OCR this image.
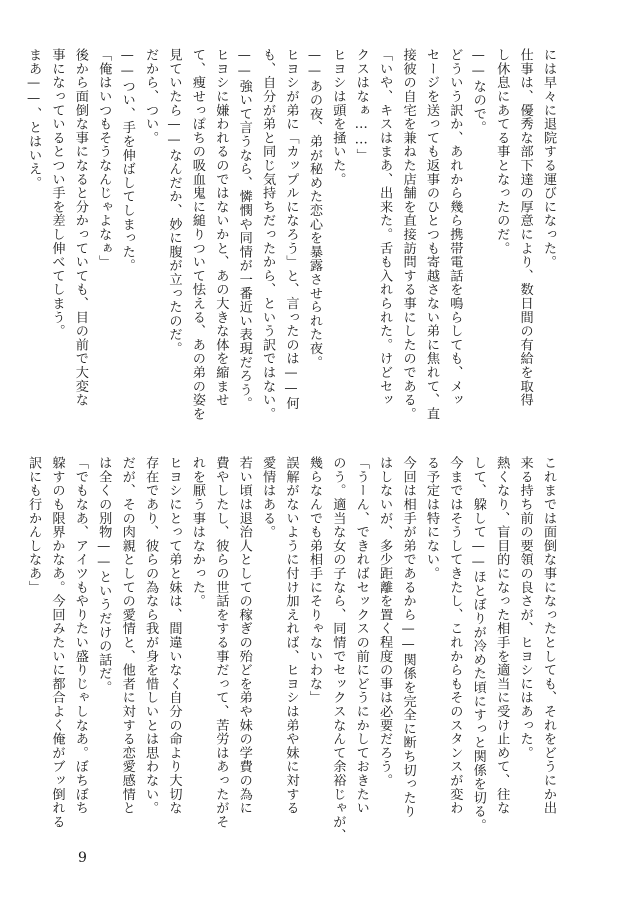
には早々に退院する運びになった。

仕事は、優秀な部下達の厚意により、数日間の有給を取得

し休息にあてる事となったのだ。

——なので。

どういう訳か、あれから幾ら携帯電話を鳴らしても、メッ

セージを送っても返事のひとつも寄越さない弟に焦れて、直

接彼の自宅を兼ねた店舗を直接訪問する事にしたのである。

「いや、キスはまあ、出来た。舌も入れられた。けどセッ

クスはなぁ……」

ヒヨシは頭を掻いた。

——あの夜、弟が秘めた恋心を暴露させられた夜。

ヒヨシが弟に「カップルになろう」と、言ったのは——何

も、自分が弟と同じ気持ちだったから、という訳ではない。

——強いて言うなら、憐憫や同情が一番近い表現だろう。

ヒヨシに嫌われるのではないかと、あの大きな体を縮ませ

て、痩せっぽちの吸血鬼に縋りついて怯える、あの弟の姿を

見ていたら——なんだか、妙に腹が立ったのだ。

だから、つい。

——つい、手を伸ばしてしまった。

「俺はいつもそうなんじゃよなぁ」

後から面倒な事になると分かっていても、目の前で大変な

事になっているとつい手を差し伸べてしまう。

まあ——、とはいえ。

これまでは面倒な事になったとしても、それをどうにか出

来る持ち前の要領の良さが、ヒヨシにはあった。

熱くなり、盲目的になった相手を適当に受け止めて、往な

して、躱して——ほとぼりが冷めた頃にすっと関係を切る。

今まではそうしてきたし、これからもそのスタンスが変わ

る予定は特にない。

今回は相手が弟であるから——関係を完全に断ち切ったり

はしないが、多少距離を置く程度の事は必要だろう。

「うーん、できればセックスの前にどうにかしておきたい

のう。適当な女の子なら、同情でセックスなんて余裕じゃが、

幾らなんでも弟相手にそりゃないわな」

誤解がないように付け加えれば、ヒヨシは弟や妹に対する

愛情はある。

若い頃は退治人としての稼ぎの殆どを弟や妹の学費の為に

費やしたし、彼らの世話をする事だって、苦労はあったがそ

れを厭う事はなかった。

ヒヨシにとって弟と妹は、間違いなく自分の命より大切な

存在であり、彼らの為なら我が身を惜しいとは思わない。

だが、その肉親としての愛情と、他者に対する恋愛感情と

は全くの別物——というだけの話だ。

「でもなあ、アイツもやりたい盛りじゃしなあ。ぼちぼち

躱すのも限界かなあ。今回みたいに都合よく俺がブッ倒れる

訳にも行かんしなあ」

9
